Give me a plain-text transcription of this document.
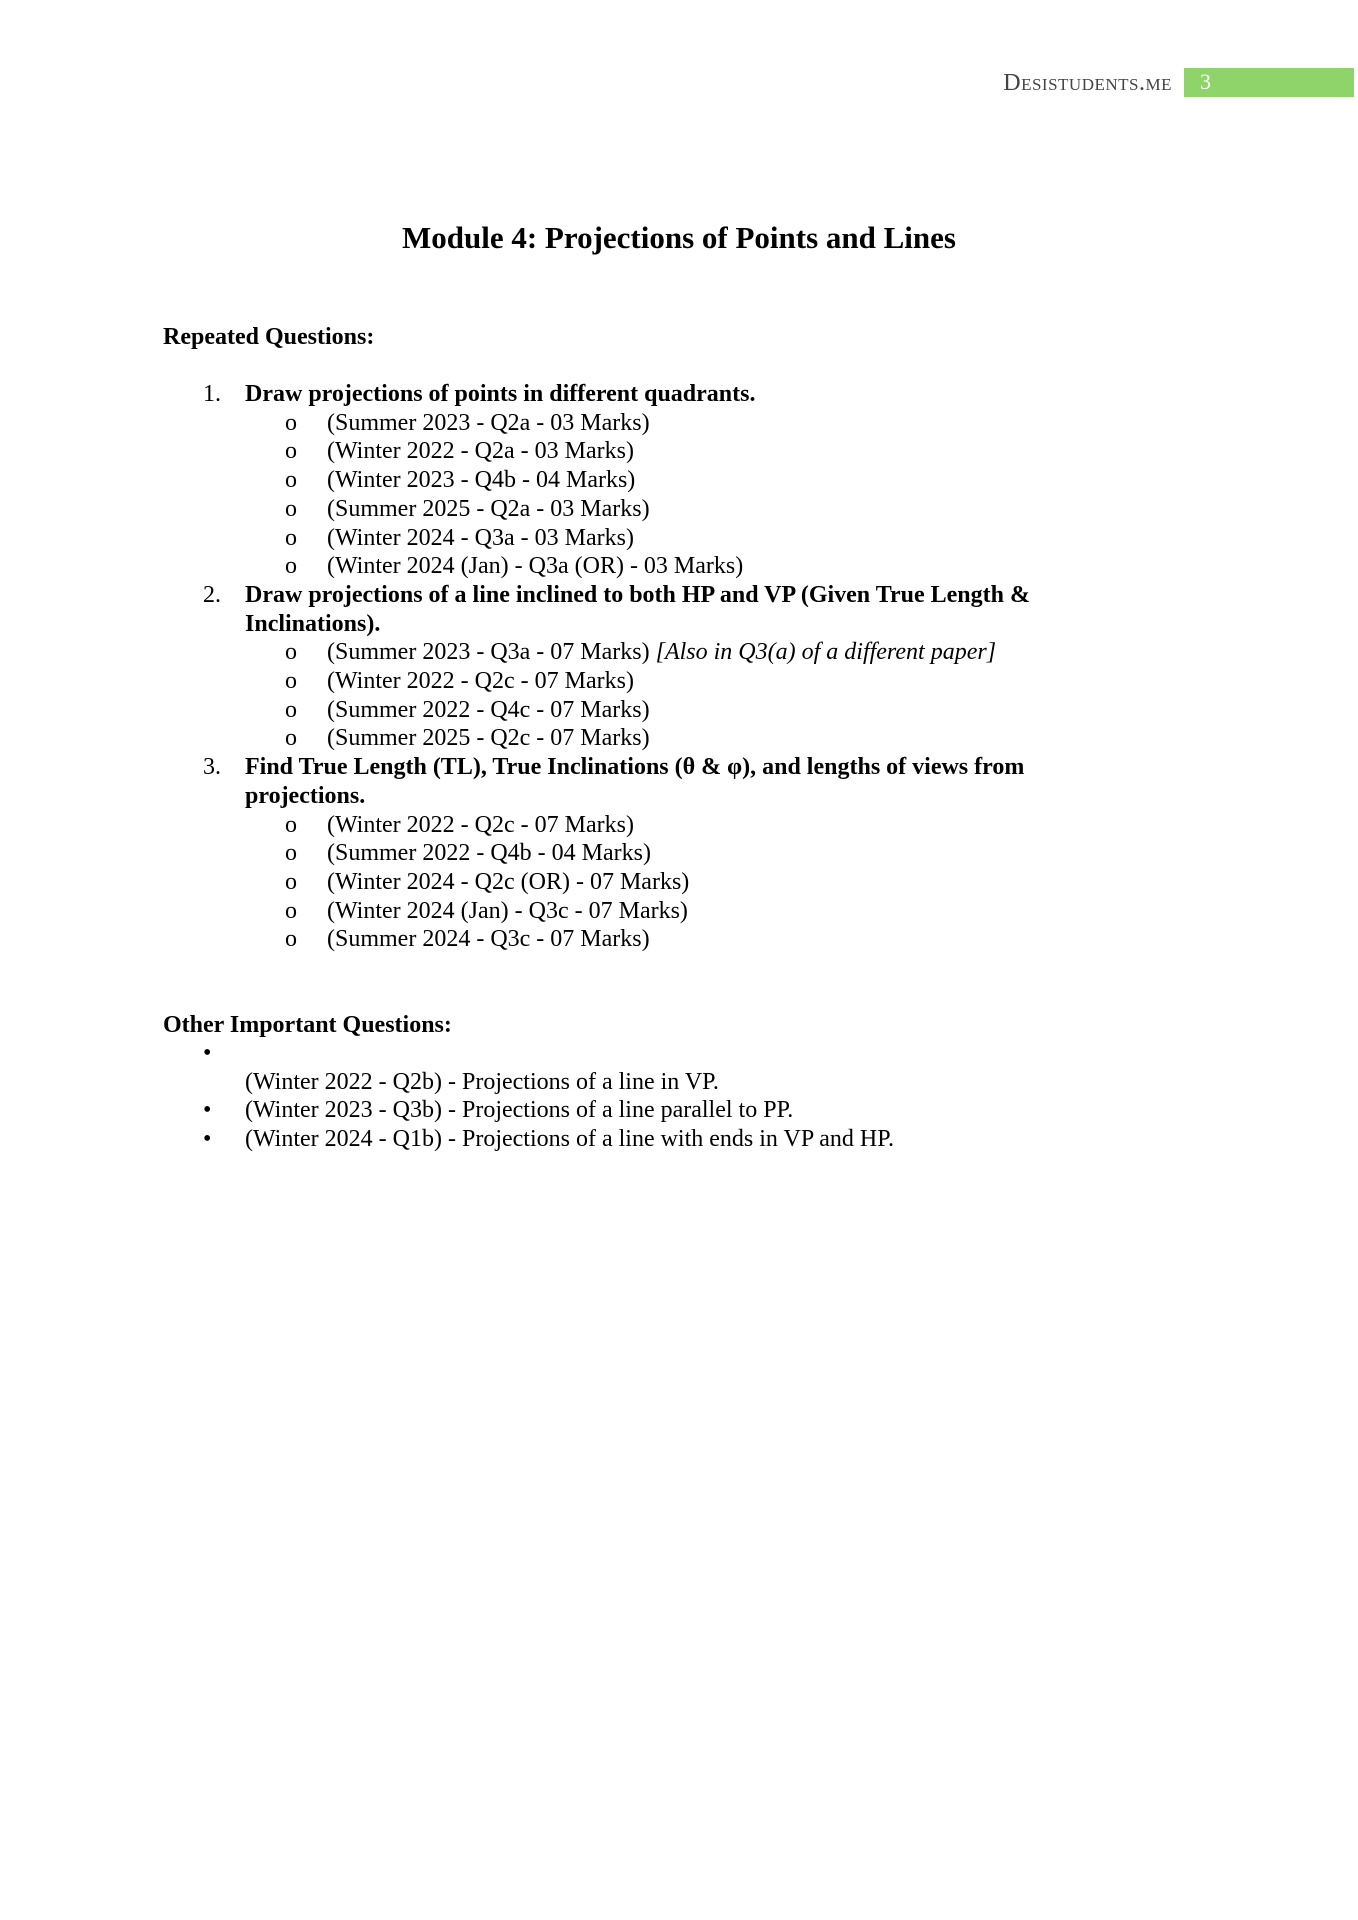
Desistudents.me 3
Module 4: Projections of Points and Lines
Repeated Questions:
1. Draw projections of points in different quadrants.
o (Summer 2023 - Q2a - 03 Marks)
o (Winter 2022 - Q2a - 03 Marks)
o (Winter 2023 - Q4b - 04 Marks)
o (Summer 2025 - Q2a - 03 Marks)
o (Winter 2024 - Q3a - 03 Marks)
o (Winter 2024 (Jan) - Q3a (OR) - 03 Marks)
2. Draw projections of a line inclined to both HP and VP (Given True Length & Inclinations).
o (Summer 2023 - Q3a - 07 Marks) [Also in Q3(a) of a different paper]
o (Winter 2022 - Q2c - 07 Marks)
o (Summer 2022 - Q4c - 07 Marks)
o (Summer 2025 - Q2c - 07 Marks)
3. Find True Length (TL), True Inclinations (θ & φ), and lengths of views from projections.
o (Winter 2022 - Q2c - 07 Marks)
o (Summer 2022 - Q4b - 04 Marks)
o (Winter 2024 - Q2c (OR) - 07 Marks)
o (Winter 2024 (Jan) - Q3c - 07 Marks)
o (Summer 2024 - Q3c - 07 Marks)
Other Important Questions:
•
(Winter 2022 - Q2b) - Projections of a line in VP.
• (Winter 2023 - Q3b) - Projections of a line parallel to PP.
• (Winter 2024 - Q1b) - Projections of a line with ends in VP and HP.
